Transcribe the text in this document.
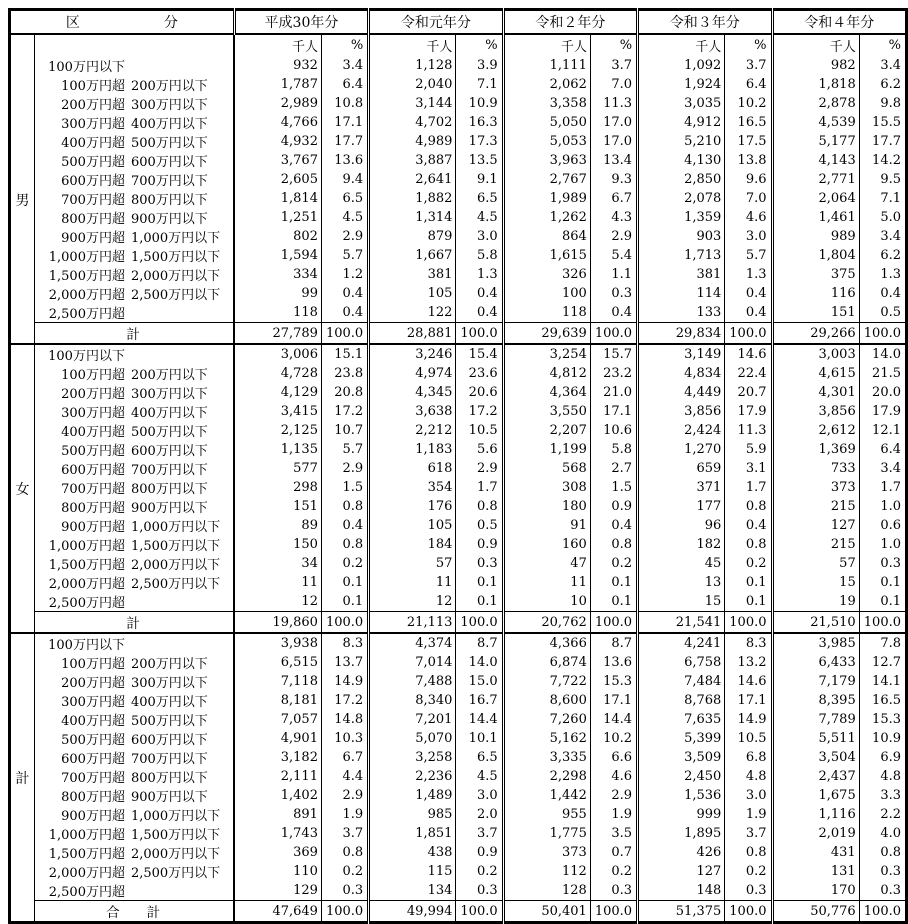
区　　　　　　分		平成30年分		令和元年分		令和２年分		令和３年分		令和４年分	
		千人	%	千人	%	千人	%	千人	%	千人	%
男	100万円以下	932	3.4	1,128	3.9	1,111	3.7	1,092	3.7	982	3.4
	100万円超 200万円以下	1,787	6.4	2,040	7.1	2,062	7.0	1,924	6.4	1,818	6.2
	200万円超 300万円以下	2,989	10.8	3,144	10.9	3,358	11.3	3,035	10.2	2,878	9.8
	300万円超 400万円以下	4,766	17.1	4,702	16.3	5,050	17.0	4,912	16.5	4,539	15.5
	400万円超 500万円以下	4,932	17.7	4,989	17.3	5,053	17.0	5,210	17.5	5,177	17.7
	500万円超 600万円以下	3,767	13.6	3,887	13.5	3,963	13.4	4,130	13.8	4,143	14.2
	600万円超 700万円以下	2,605	9.4	2,641	9.1	2,767	9.3	2,850	9.6	2,771	9.5
	700万円超 800万円以下	1,814	6.5	1,882	6.5	1,989	6.7	2,078	7.0	2,064	7.1
	800万円超 900万円以下	1,251	4.5	1,314	4.5	1,262	4.3	1,359	4.6	1,461	5.0
	900万円超 1,000万円以下	802	2.9	879	3.0	864	2.9	903	3.0	989	3.4
	1,000万円超 1,500万円以下	1,594	5.7	1,667	5.8	1,615	5.4	1,713	5.7	1,804	6.2
	1,500万円超 2,000万円以下	334	1.2	381	1.3	326	1.1	381	1.3	375	1.3
	2,000万円超 2,500万円以下	99	0.4	105	0.4	100	0.3	114	0.4	116	0.4
	2,500万円超	118	0.4	122	0.4	118	0.4	133	0.4	151	0.5
	計	27,789	100.0	28,881	100.0	29,639	100.0	29,834	100.0	29,266	100.0
女	100万円以下	3,006	15.1	3,246	15.4	3,254	15.7	3,149	14.6	3,003	14.0
	100万円超 200万円以下	4,728	23.8	4,974	23.6	4,812	23.2	4,834	22.4	4,615	21.5
	200万円超 300万円以下	4,129	20.8	4,345	20.6	4,364	21.0	4,449	20.7	4,301	20.0
	300万円超 400万円以下	3,415	17.2	3,638	17.2	3,550	17.1	3,856	17.9	3,856	17.9
	400万円超 500万円以下	2,125	10.7	2,212	10.5	2,207	10.6	2,424	11.3	2,612	12.1
	500万円超 600万円以下	1,135	5.7	1,183	5.6	1,199	5.8	1,270	5.9	1,369	6.4
	600万円超 700万円以下	577	2.9	618	2.9	568	2.7	659	3.1	733	3.4
	700万円超 800万円以下	298	1.5	354	1.7	308	1.5	371	1.7	373	1.7
	800万円超 900万円以下	151	0.8	176	0.8	180	0.9	177	0.8	215	1.0
	900万円超 1,000万円以下	89	0.4	105	0.5	91	0.4	96	0.4	127	0.6
	1,000万円超 1,500万円以下	150	0.8	184	0.9	160	0.8	182	0.8	215	1.0
	1,500万円超 2,000万円以下	34	0.2	57	0.3	47	0.2	45	0.2	57	0.3
	2,000万円超 2,500万円以下	11	0.1	11	0.1	11	0.1	13	0.1	15	0.1
	2,500万円超	12	0.1	12	0.1	10	0.1	15	0.1	19	0.1
	計	19,860	100.0	21,113	100.0	20,762	100.0	21,541	100.0	21,510	100.0
計	100万円以下	3,938	8.3	4,374	8.7	4,366	8.7	4,241	8.3	3,985	7.8
	100万円超 200万円以下	6,515	13.7	7,014	14.0	6,874	13.6	6,758	13.2	6,433	12.7
	200万円超 300万円以下	7,118	14.9	7,488	15.0	7,722	15.3	7,484	14.6	7,179	14.1
	300万円超 400万円以下	8,181	17.2	8,340	16.7	8,600	17.1	8,768	17.1	8,395	16.5
	400万円超 500万円以下	7,057	14.8	7,201	14.4	7,260	14.4	7,635	14.9	7,789	15.3
	500万円超 600万円以下	4,901	10.3	5,070	10.1	5,162	10.2	5,399	10.5	5,511	10.9
	600万円超 700万円以下	3,182	6.7	3,258	6.5	3,335	6.6	3,509	6.8	3,504	6.9
	700万円超 800万円以下	2,111	4.4	2,236	4.5	2,298	4.6	2,450	4.8	2,437	4.8
	800万円超 900万円以下	1,402	2.9	1,489	3.0	1,442	2.9	1,536	3.0	1,675	3.3
	900万円超 1,000万円以下	891	1.9	985	2.0	955	1.9	999	1.9	1,116	2.2
	1,000万円超 1,500万円以下	1,743	3.7	1,851	3.7	1,775	3.5	1,895	3.7	2,019	4.0
	1,500万円超 2,000万円以下	369	0.8	438	0.9	373	0.7	426	0.8	431	0.8
	2,000万円超 2,500万円以下	110	0.2	115	0.2	112	0.2	127	0.2	131	0.3
	2,500万円超	129	0.3	134	0.3	128	0.3	148	0.3	170	0.3
	合　　計	47,649	100.0	49,994	100.0	50,401	100.0	51,375	100.0	50,776	100.0
